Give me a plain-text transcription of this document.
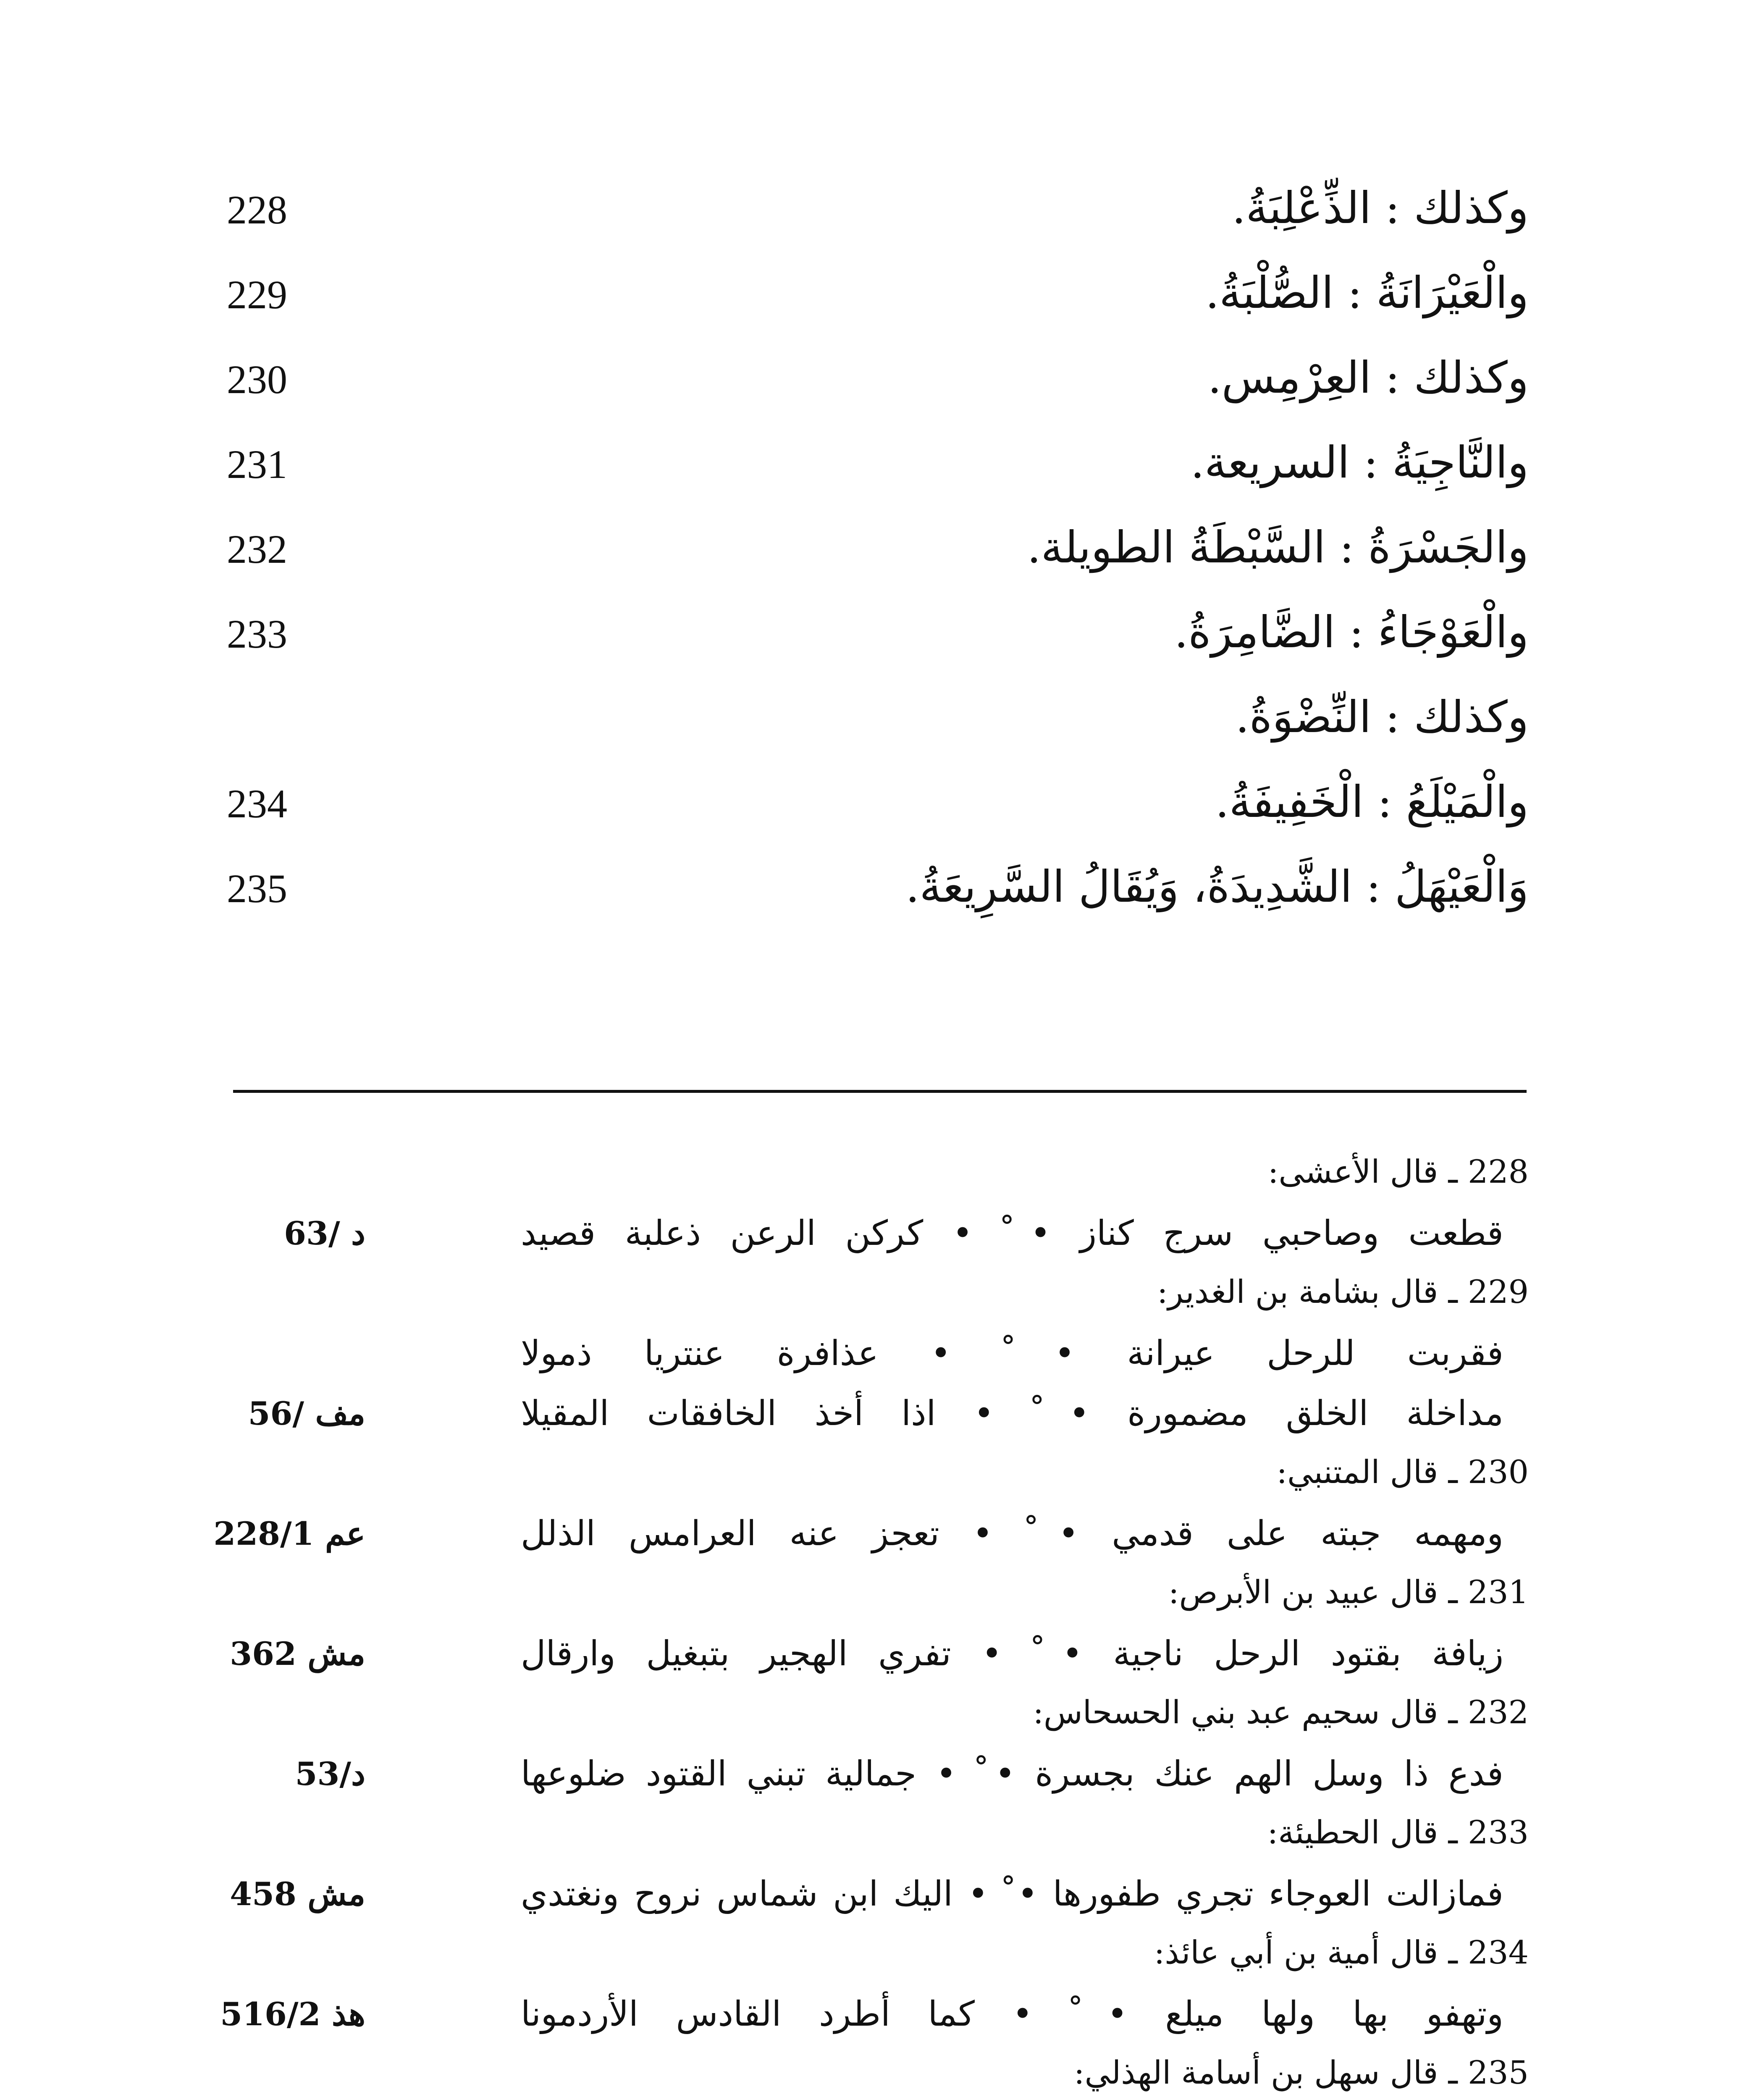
228	وكذلك : الذِّعْلِبَةُ.
229	والْعَيْرَانَةُ : الصُّلْبَةُ.
230	وكذلك : العِرْمِس.
231	والنَّاجِيَةُ : السريعة.
232	والجَسْرَةُ : السَّبْطَةُ الطويلة.
233	والْعَوْجَاءُ : الضَّامِرَةُ.
وكذلك : النِّضْوَةُ.
234	والْمَيْلَعُ : الْخَفِيفَةُ.
235	وَالْعَيْهَلُ : الشَّدِيدَةُ، وَيُقَالُ السَّرِيعَةُ.
228 ـ قال الأعشى:
د /63	قطعت وصاحبي سرج كناز • ْ • كركن الرعن ذعلبة قصيد
229 ـ قال بشامة بن الغدير:
فقربت للرحل عيرانة • ْ • عذافرة عنتريا ذمولا
مف /56	مداخلة الخلق مضمورة • ْ • اذا أخذ الخافقات المقيلا
230 ـ قال المتنبي:
عم 228/1	ومهمه جبته على قدمي • ْ • تعجز عنه العرامس الذلل
231 ـ قال عبيد بن الأبرص:
مش 362	زيافة بقتود الرحل ناجية • ْ • تفري الهجير بتبغيل وارقال
232 ـ قال سحيم عبد بني الحسحاس:
د/53	فدع ذا وسل الهم عنك بجسرة • ْ • جمالية تبني القتود ضلوعها
233 ـ قال الحطيئة:
مش 458	فمازالت العوجاء تجري طفورها • ْ • اليك ابن شماس نروح ونغتدي
234 ـ قال أمية بن أبي عائذ:
هذ 516/2	وتهفو بها ولها ميلع • ْ • كما أطرد القادس الأردمونا
235 ـ قال سهل بن أسامة الهذلي:
